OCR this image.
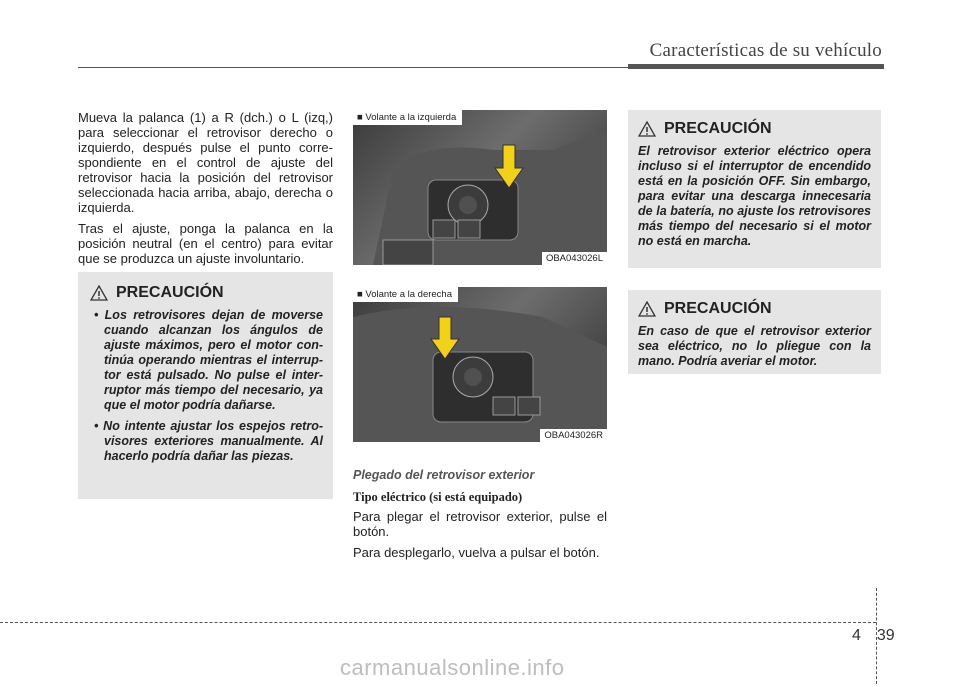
Características de su vehículo

Mueva la palanca (1) a R (dch.) o L (izq,) para seleccionar el retrovisor derecho o izquierdo, después pulse el punto corre-spondiente en el control de ajuste del retrovisor hacia la posición del retrovisor seleccionada hacia arriba, abajo, derecha o izquierda.

Tras el ajuste, ponga la palanca en la posición neutral (en el centro) para evitar que se produzca un ajuste involuntario.

PRECAUCIÓN

• Los retrovisores dejan de moverse cuando alcanzan los ángulos de ajuste máximos, pero el motor con-tinúa operando mientras el interrup-tor está pulsado. No pulse el inter-ruptor más tiempo del necesario, ya que el motor podría dañarse.

• No intente ajustar los espejos retro-visores exteriores manualmente. Al hacerlo podría dañar las piezas.

■ Volante a la izquierda
OBA043026L
■ Volante a la derecha
OBA043026R
Plegado del retrovisor exterior
Tipo eléctrico (si está equipado)

Para plegar el retrovisor exterior, pulse el botón.

Para desplegarlo, vuelva a pulsar el botón.

PRECAUCIÓN
El retrovisor exterior eléctrico opera incluso si el interruptor de encendido está en la posición OFF. Sin embargo, para evitar una descarga innecesaria de la batería, no ajuste los retrovisores más tiempo del necesario si el motor no está en marcha.
PRECAUCIÓN
En caso de que el retrovisor exterior sea eléctrico, no lo pliegue con la mano. Podría averiar el motor.
4 39
carmanualsonline.info
